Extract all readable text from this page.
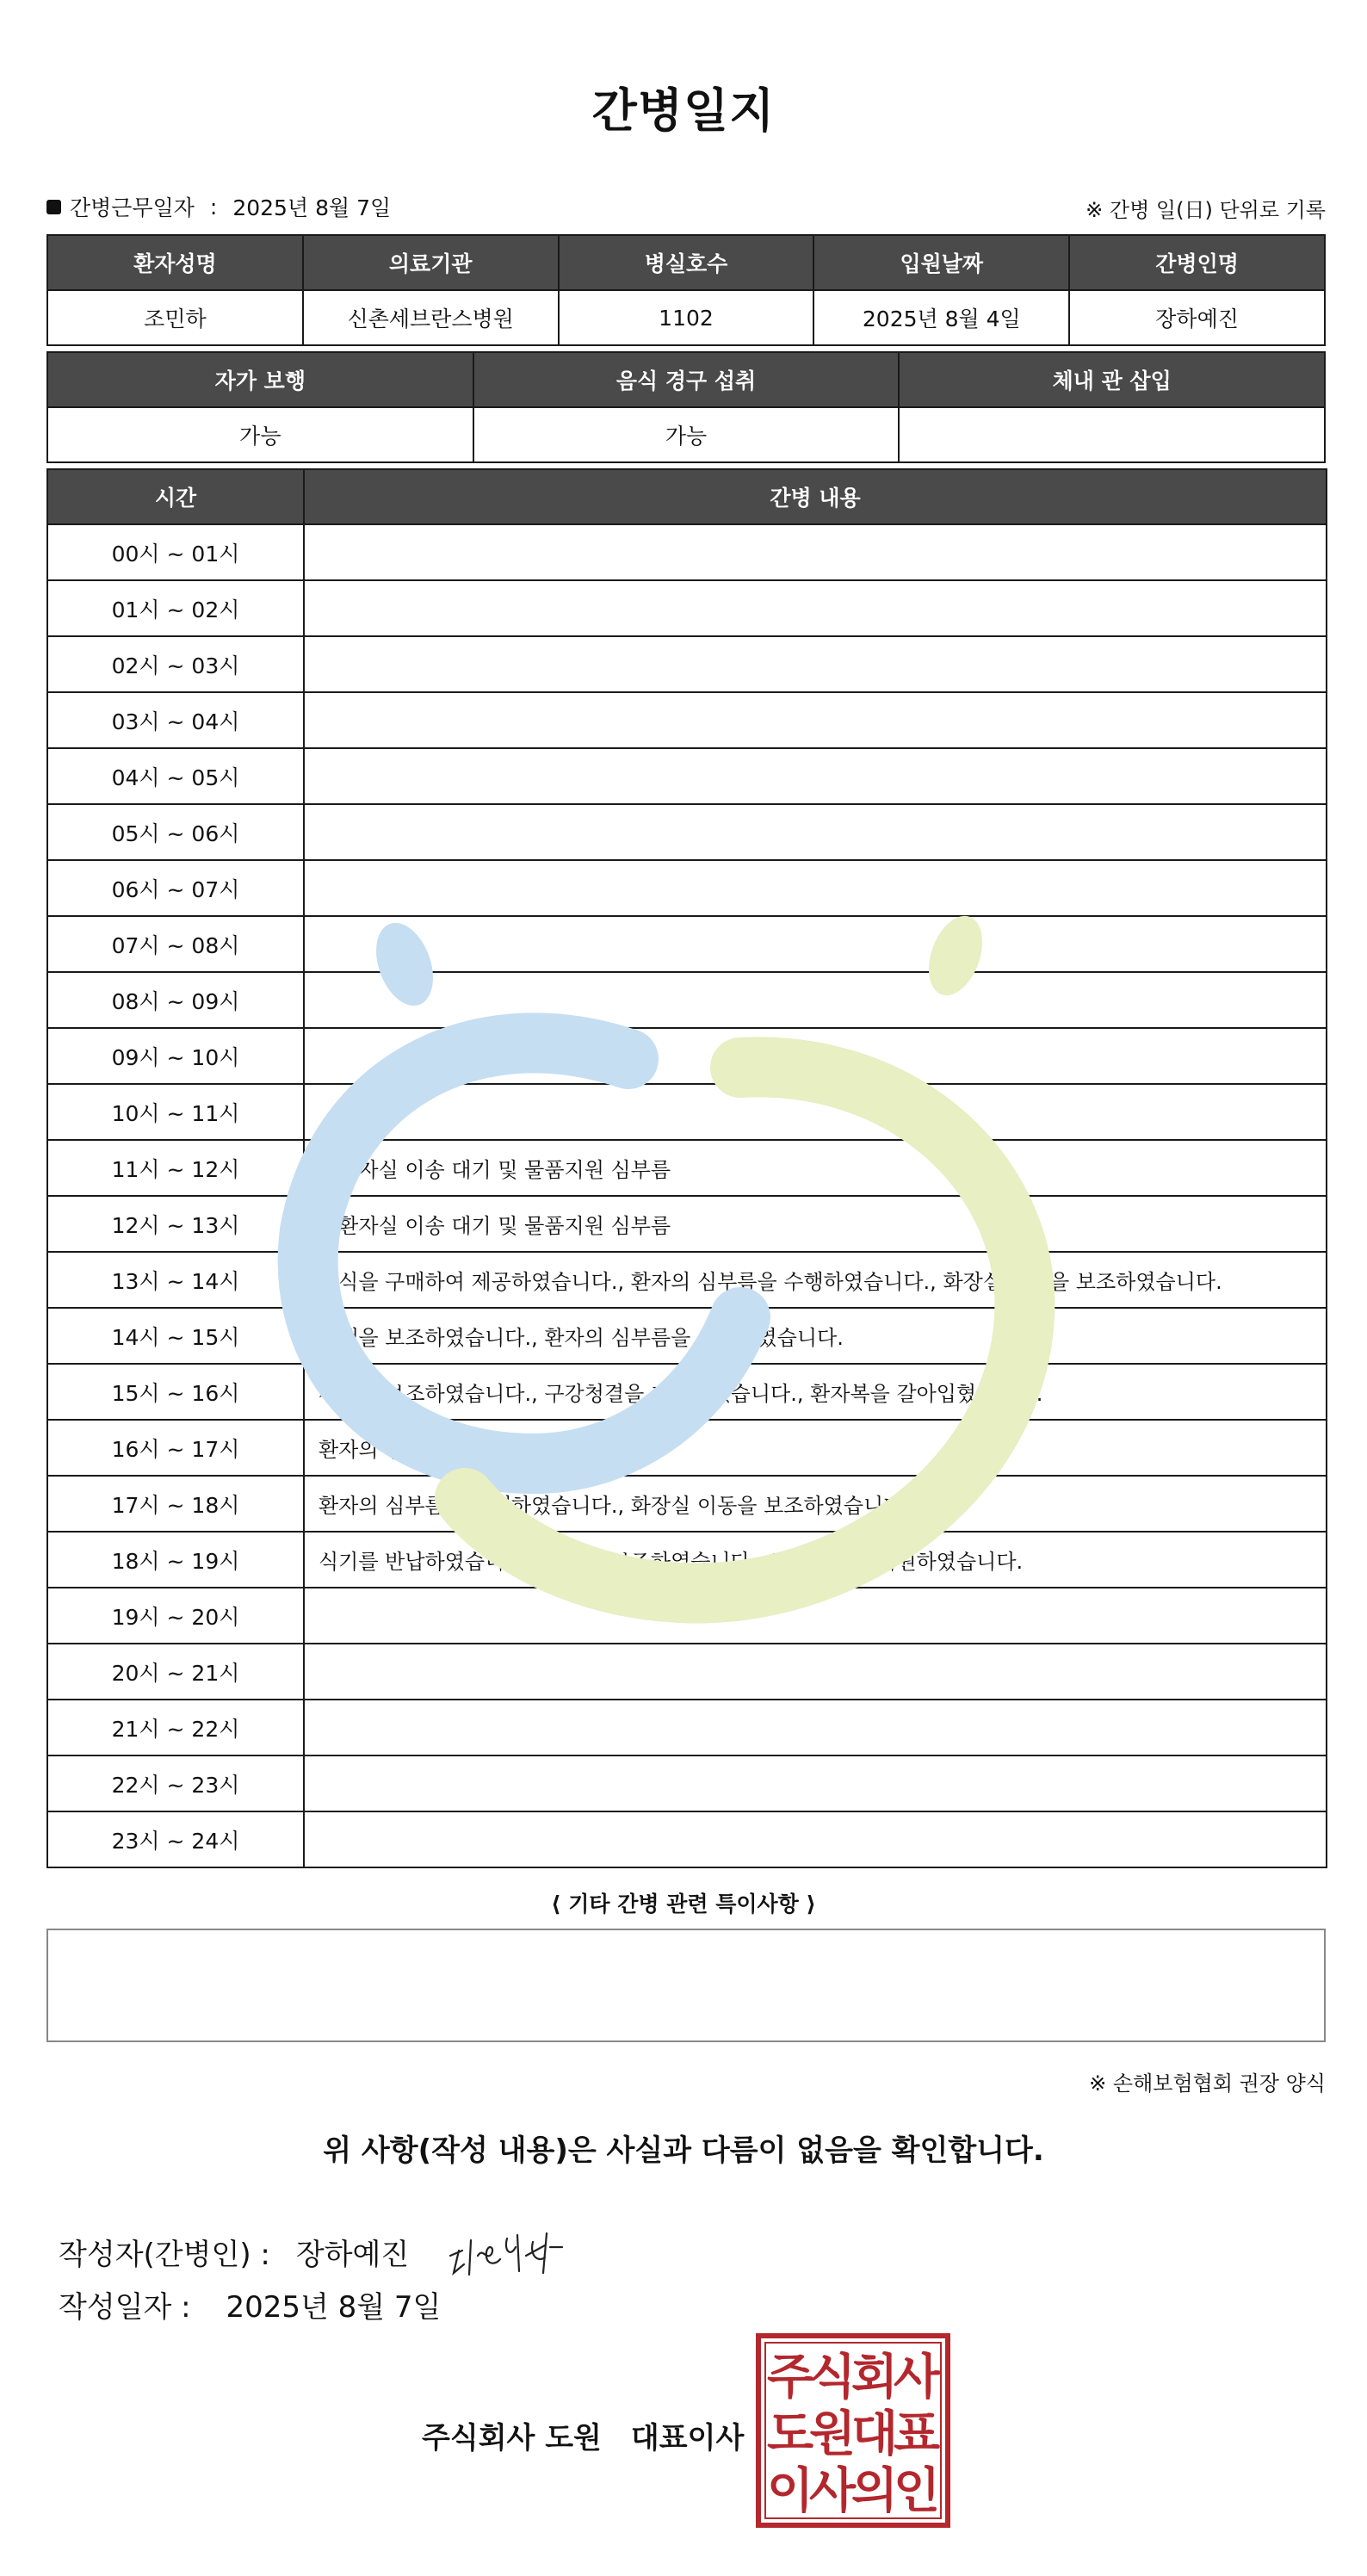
간병일지
간병근무일자 : 2025년 8월 7일	※ 간병 일(日) 단위로 기록
환자성명	의료기관	병실호수	입원날짜	간병인명
조민하	신촌세브란스병원	1102	2025년 8월 4일	장하예진
자가 보행	음식 경구 섭취	체내 관 삽입
가능	가능	
시간	간병 내용
00시 ~ 01시	
01시 ~ 02시	
02시 ~ 03시	
03시 ~ 04시	
04시 ~ 05시	
05시 ~ 06시	
06시 ~ 07시	
07시 ~ 08시	
08시 ~ 09시	
09시 ~ 10시	
10시 ~ 11시	
11시 ~ 12시	중환자실 이송 대기 및 물품지원 심부름
12시 ~ 13시	중환자실 이송 대기 및 물품지원 심부름
13시 ~ 14시	간식을 구매하여 제공하였습니다., 환자의 심부름을 수행하였습니다., 화장실 이동을 보조하였습니다.
14시 ~ 15시	산책을 보조하였습니다., 환자의 심부름을 수행하였습니다.
15시 ~ 16시	세면을 보조하였습니다., 구강청결을 지원하였습니다., 환자복을 갈아입혔습니다.
16시 ~ 17시	환자의 심부름을 수행하였습니다.
17시 ~ 18시	환자의 심부름을 수행하였습니다., 화장실 이동을 보조하였습니다.
18시 ~ 19시	식기를 반납하였습니다., 식사를 보조하였습니다., 구강청결을 지원하였습니다.
19시 ~ 20시	
20시 ~ 21시	
21시 ~ 22시	
22시 ~ 23시	
23시 ~ 24시	
⟨ 기타 간병 관련 특이사항 ⟩
※ 손해보험협회 권장 양식
위 사항(작성 내용)은 사실과 다름이 없음을 확인합니다.
작성자(간병인) : 장하예진
작성일자 : 2025년 8월 7일
주식회사 도원 대표이사
주
식
회
사
도
원
대
표
이
사
의
인
